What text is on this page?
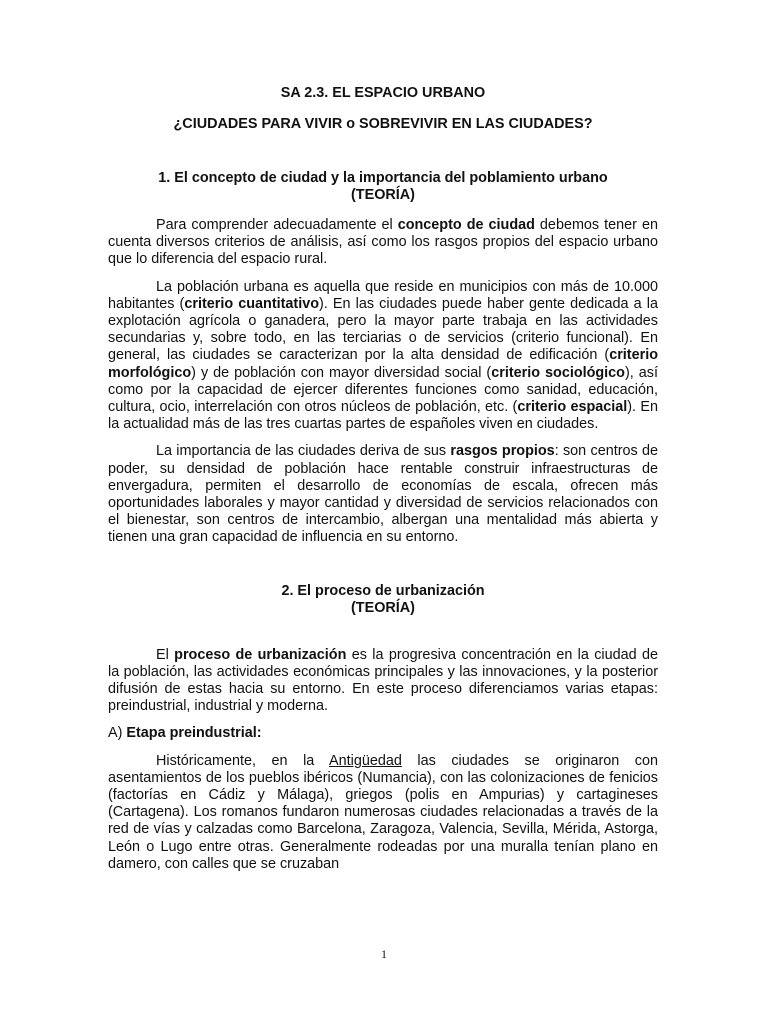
SA 2.3. EL ESPACIO URBANO

¿CIUDADES PARA VIVIR o SOBREVIVIR EN LAS CIUDADES?

1. El concepto de ciudad y la importancia del poblamiento urbano

(TEORÍA)

Para comprender adecuadamente el concepto de ciudad debemos tener en cuenta diversos criterios de análisis, así como los rasgos propios del espacio urbano que lo diferencia del espacio rural.

La población urbana es aquella que reside en municipios con más de 10.000 habitantes (criterio cuantitativo). En las ciudades puede haber gente dedicada a la explotación agrícola o ganadera, pero la mayor parte trabaja en las actividades secundarias y, sobre todo, en las terciarias o de servicios (criterio funcional). En general, las ciudades se caracterizan por la alta densidad de edificación (criterio morfológico) y de población con mayor diversidad social (criterio sociológico), así como por la capacidad de ejercer diferentes funciones como sanidad, educación, cultura, ocio, interrelación con otros núcleos de población, etc. (criterio espacial). En la actualidad más de las tres cuartas partes de españoles viven en ciudades.

La importancia de las ciudades deriva de sus rasgos propios: son centros de poder, su densidad de población hace rentable construir infraestructuras de envergadura, permiten el desarrollo de economías de escala, ofrecen más oportunidades laborales y mayor cantidad y diversidad de servicios relacionados con el bienestar, son centros de intercambio, albergan una mentalidad más abierta y tienen una gran capacidad de influencia en su entorno.

2. El proceso de urbanización

(TEORÍA)

El proceso de urbanización es la progresiva concentración en la ciudad de la población, las actividades económicas principales y las innovaciones, y la posterior difusión de estas hacia su entorno. En este proceso diferenciamos varias etapas: preindustrial, industrial y moderna.

A) Etapa preindustrial:

Históricamente, en la Antigüedad las ciudades se originaron con asentamientos de los pueblos ibéricos (Numancia), con las colonizaciones de fenicios (factorías en Cádiz y Málaga), griegos (polis en Ampurias) y cartagineses (Cartagena). Los romanos fundaron numerosas ciudades relacionadas a través de la red de vías y calzadas como Barcelona, Zaragoza, Valencia, Sevilla, Mérida, Astorga, León o Lugo entre otras. Generalmente rodeadas por una muralla tenían plano en damero, con calles que se cruzaban

1
